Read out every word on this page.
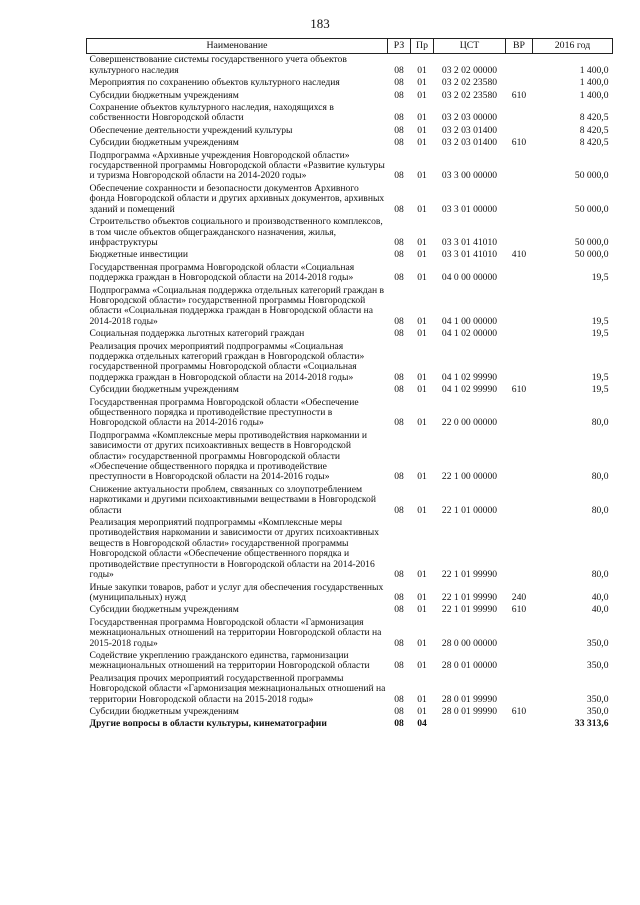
183
Наименование	РЗ	Пр	ЦСТ	ВР	2016 год
Совершенствование системы государственного учета объектов культурного наследия	08	01	03 2 02 00000		1 400,0
Мероприятия по сохранению объектов культурного наследия	08	01	03 2 02 23580		1 400,0
Субсидии бюджетным учреждениям	08	01	03 2 02 23580	610	1 400,0
Сохранение объектов культурного наследия, находящихся в собственности Новгородской области	08	01	03 2 03 00000		8 420,5
Обеспечение деятельности учреждений культуры	08	01	03 2 03 01400		8 420,5
Субсидии бюджетным учреждениям	08	01	03 2 03 01400	610	8 420,5
Подпрограмма «Архивные учреждения Новгородской области» государственной программы Новгородской области «Развитие культуры и туризма Новгородской области на 2014-2020 годы»	08	01	03 3 00 00000		50 000,0
Обеспечение сохранности и безопасности документов Архивного фонда Новгородской области и других архивных документов, архивных зданий и помещений	08	01	03 3 01 00000		50 000,0
Строительство объектов социального и производственного комплексов, в том числе объектов общегражданского назначения, жилья, инфраструктуры	08	01	03 3 01 41010		50 000,0
Бюджетные инвестиции	08	01	03 3 01 41010	410	50 000,0
Государственная программа Новгородской области «Социальная поддержка граждан в Новгородской области на 2014-2018 годы»	08	01	04 0 00 00000		19,5
Подпрограмма «Социальная поддержка отдельных категорий граждан в Новгородской области» государственной программы Новгородской области «Социальная поддержка граждан в Новгородской области на 2014-2018 годы»	08	01	04 1 00 00000		19,5
Социальная поддержка льготных категорий граждан	08	01	04 1 02 00000		19,5
Реализация прочих мероприятий подпрограммы «Социальная поддержка отдельных категорий граждан в Новгородской области» государственной программы Новгородской области «Социальная поддержка граждан в Новгородской области на 2014-2018 годы»	08	01	04 1 02 99990		19,5
Субсидии бюджетным учреждениям	08	01	04 1 02 99990	610	19,5
Государственная программа Новгородской области «Обеспечение общественного порядка и противодействие преступности в Новгородской области на 2014-2016 годы»	08	01	22 0 00 00000		80,0
Подпрограмма «Комплексные меры противодействия наркомании и зависимости от других психоактивных веществ в Новгородской области» государственной программы Новгородской области «Обеспечение общественного порядка и противодействие преступности в Новгородской области на 2014-2016 годы»	08	01	22 1 00 00000		80,0
Снижение актуальности проблем, связанных со злоупотреблением наркотиками и другими психоактивными веществами в Новгородской области	08	01	22 1 01 00000		80,0
Реализация мероприятий подпрограммы «Комплексные меры противодействия наркомании и зависимости от других психоактивных веществ в Новгородской области» государственной программы Новгородской области «Обеспечение общественного порядка и противодействие преступности в Новгородской области на 2014-2016 годы»	08	01	22 1 01 99990		80,0
Иные закупки товаров, работ и услуг для обеспечения государственных (муниципальных) нужд	08	01	22 1 01 99990	240	40,0
Субсидии бюджетным учреждениям	08	01	22 1 01 99990	610	40,0
Государственная программа Новгородской области «Гармонизация межнациональных отношений на территории Новгородской области на 2015-2018 годы»	08	01	28 0 00 00000		350,0
Содействие укреплению гражданского единства, гармонизации межнациональных отношений на территории Новгородской области	08	01	28 0 01 00000		350,0
Реализация прочих мероприятий государственной программы Новгородской области «Гармонизация межнациональных отношений на территории Новгородской области на 2015-2018 годы»	08	01	28 0 01 99990		350,0
Субсидии бюджетным учреждениям	08	01	28 0 01 99990	610	350,0
Другие вопросы в области культуры, кинематографии	08	04			33 313,6
